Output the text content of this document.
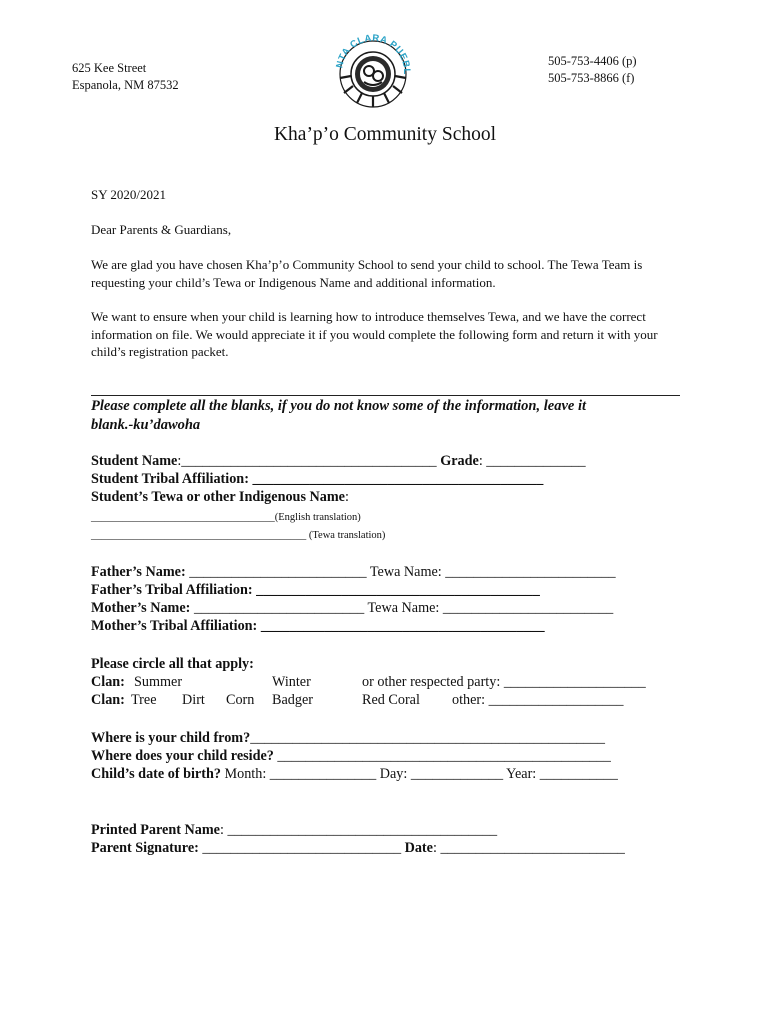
625 Kee Street
Espanola, NM 87532
NTA CLARA PUEBL
505-753-4406 (p)
505-753-8866 (f)
Kha’p’o Community School
SY 2020/2021
Dear Parents & Guardians,
We are glad you have chosen Kha’p’o Community School to send your child to school. The Tewa Team is requesting your child’s Tewa or Indigenous Name and additional information.
We want to ensure when your child is learning how to introduce themselves Tewa, and we have the correct information on file. We would appreciate it if you would complete the following form and return it with your child’s registration packet.
Please complete all the blanks, if you do not know some of the information, leave it
blank.-ku’dawoha
Student Name:____________________________________ Grade: ______________
Student Tribal Affiliation: _________________________________________
Student’s Tewa or other Indigenous Name:
___________________________________(English translation)
_________________________________________ (Tewa translation)
Father’s Name: _________________________ Tewa Name: ________________________
Father’s Tribal Affiliation: ________________________________________
Mother’s Name: ________________________ Tewa Name: ________________________
Mother’s Tribal Affiliation: ________________________________________
Please circle all that apply:
Clan: Summer	Winter	or other respected party: ____________________
Clan: Tree Dirt Corn Badger	Red Coral other: ___________________
Where is your child from?__________________________________________________
Where does your child reside? _______________________________________________
Child’s date of birth? Month: _______________ Day: _____________ Year: ___________
Printed Parent Name: ______________________________________
Parent Signature: ____________________________ Date: __________________________
